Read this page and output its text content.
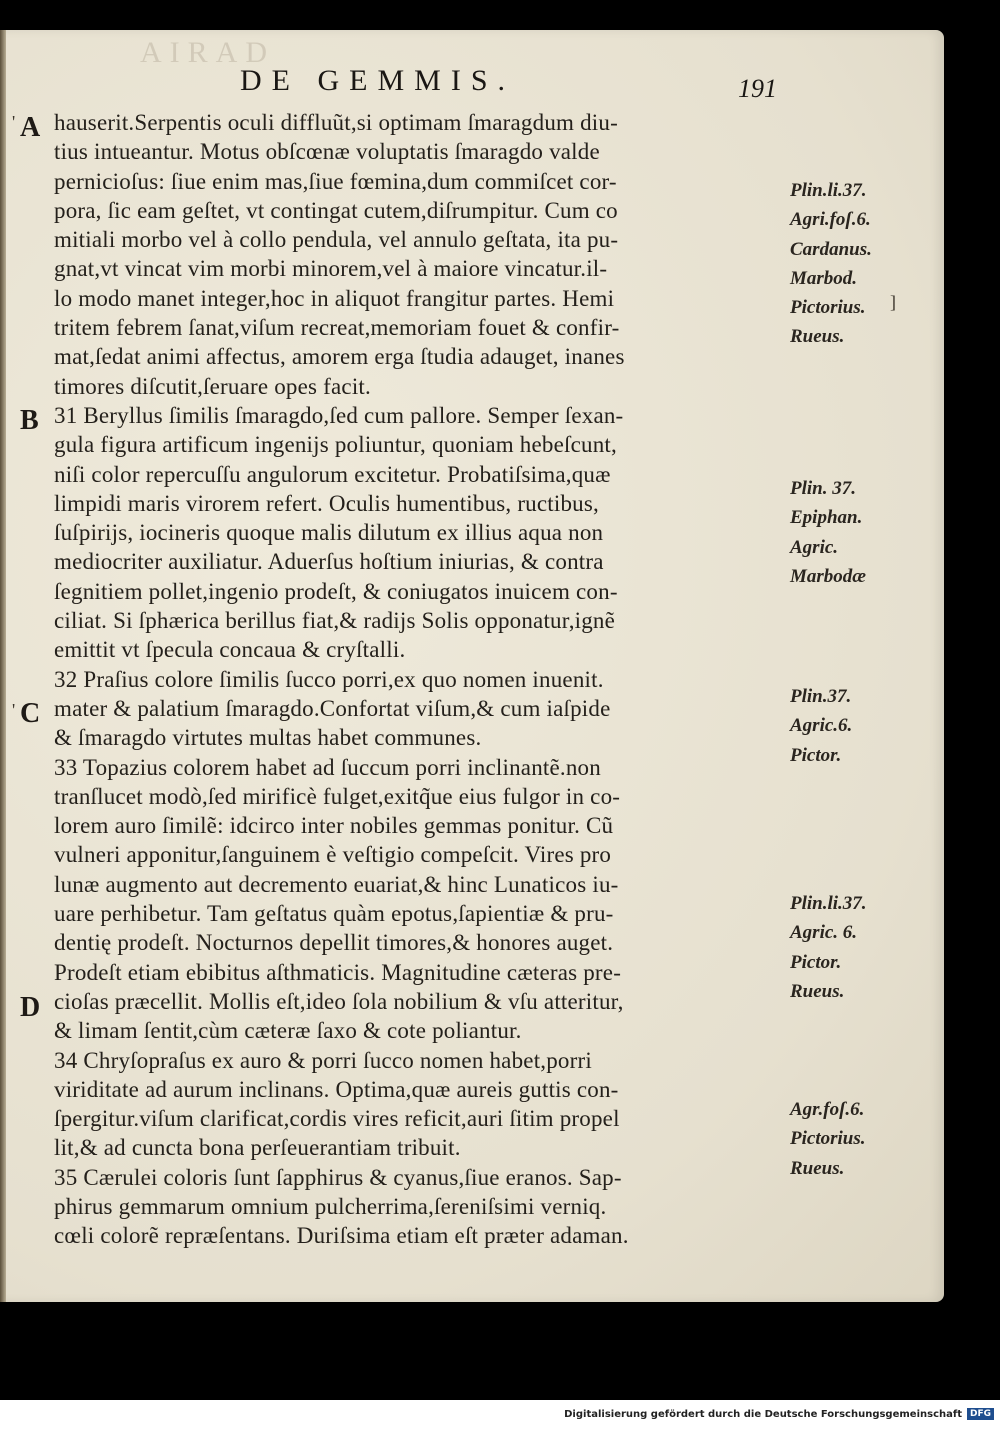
AIRAD
DE GEMMIS.	191
A
B
C
D
hauserit.Serpentis oculi diffluũt,si optimam ſmaragdum diu-
tius intueantur. Motus obſcœnæ voluptatis ſmaragdo valde
pernicioſus: ſiue enim mas,ſiue fœmina,dum commiſcet cor-
pora, ſic eam geſtet, vt contingat cutem,diſrumpitur. Cum co
mitiali morbo vel à collo pendula, vel annulo geſtata, ita pu-
gnat,vt vincat vim morbi minorem,vel à maiore vincatur.il-
lo modo manet integer,hoc in aliquot frangitur partes. Hemi
tritem febrem ſanat,viſum recreat,memoriam fouet & confir-
mat,ſedat animi affectus, amorem erga ſtudia adauget, inanes
timores diſcutit,ſeruare opes facit.
31 Beryllus ſimilis ſmaragdo,ſed cum pallore. Semper ſexan-
gula figura artificum ingenijs poliuntur, quoniam hebeſcunt,
niſi color repercuſſu angulorum excitetur. Probatiſsima,quæ
limpidi maris virorem refert. Oculis humentibus, ructibus,
ſuſpirijs, iocineris quoque malis dilutum ex illius aqua non
mediocriter auxiliatur. Aduerſus hoſtium iniurias, & contra
ſegnitiem pollet,ingenio prodeſt, & coniugatos inuicem con-
ciliat. Si ſphærica berillus fiat,& radijs Solis opponatur,ignẽ
emittit vt ſpecula concaua & cryſtalli.
32 Praſius colore ſimilis ſucco porri,ex quo nomen inuenit.
mater & palatium ſmaragdo.Confortat viſum,& cum iaſpide
& ſmaragdo virtutes multas habet communes.
33 Topazius colorem habet ad ſuccum porri inclinantẽ.non
tranſlucet modò,ſed mirificè fulget,exitq̃ue eius fulgor in co-
lorem auro ſimilẽ: idcirco inter nobiles gemmas ponitur. Cũ
vulneri apponitur,ſanguinem è veſtigio compeſcit. Vires pro
lunæ augmento aut decremento euariat,& hinc Lunaticos iu-
uare perhibetur. Tam geſtatus quàm epotus,ſapientiæ & pru-
dentię prodeſt. Nocturnos depellit timores,& honores auget.
Prodeſt etiam ebibitus aſthmaticis. Magnitudine cæteras pre-
cioſas præcellit. Mollis eſt,ideo ſola nobilium & vſu atteritur,
& limam ſentit,cùm cæteræ ſaxo & cote poliantur.
34 Chryſopraſus ex auro & porri ſucco nomen habet,porri
viriditate ad aurum inclinans. Optima,quæ aureis guttis con-
ſpergitur.viſum clarificat,cordis vires reficit,auri ſitim propel
lit,& ad cuncta bona perſeuerantiam tribuit.
35 Cærulei coloris ſunt ſapphirus & cyanus,ſiue eranos. Sap-
phirus gemmarum omnium pulcherrima,ſereniſsimi verniq.
cœli colorẽ repræſentans. Duriſsima etiam eſt præter adaman.
Plin.li.37.
Agri.foſ.6.
Cardanus.
Marbod.
Pictorius.
Rueus.
Plin. 37.
Epiphan.
Agric.
Marbodæ
Plin.37.
Agric.6.
Pictor.
Plin.li.37.
Agric. 6.
Pictor.
Rueus.
Agr.foſ.6.
Pictorius.
Rueus.
'
'
]
Digitalisierung gefördert durch die Deutsche Forschungsgemeinschaft DFG
